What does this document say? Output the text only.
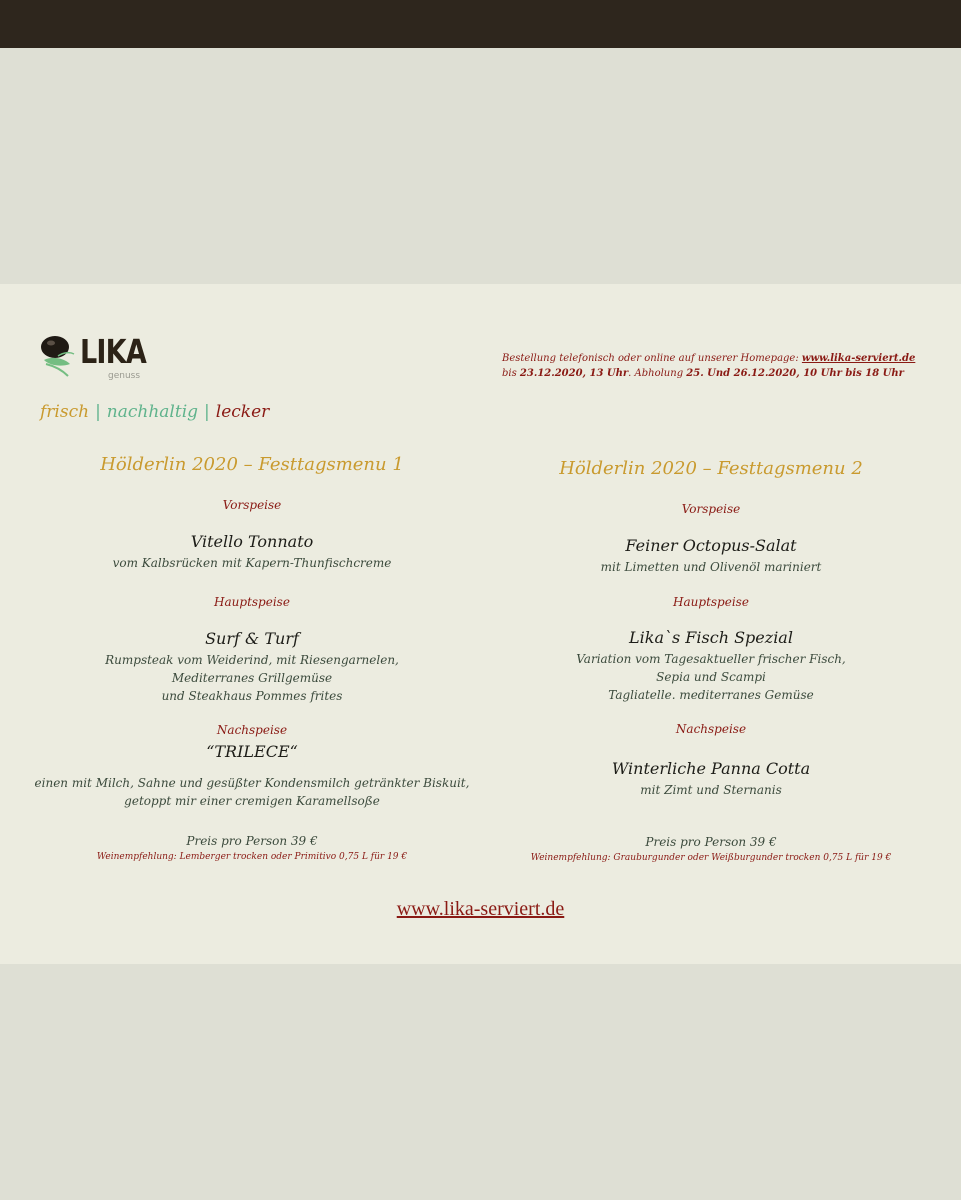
LIKA
genuss
frisch | nachhaltig | lecker
Bestellung telefonisch oder online auf unserer Homepage: www.lika-serviert.de
bis 23.12.2020, 13 Uhr. Abholung 25. Und 26.12.2020, 10 Uhr bis 18 Uhr
Hölderlin 2020 – Festtagsmenu 1
Vorspeise
Vitello Tonnato
vom Kalbsrücken mit Kapern-Thunfischcreme
Hauptspeise
Surf & Turf
Rumpsteak vom Weiderind, mit Riesengarnelen,
Mediterranes Grillgemüse
und Steakhaus Pommes frites
Nachspeise
“TRILECE“
einen mit Milch, Sahne und gesüßter Kondensmilch getränkter Biskuit,
getoppt mir einer cremigen Karamellsoße
Preis pro Person 39 €
Weinempfehlung: Lemberger trocken oder Primitivo 0,75 L für 19 €
Hölderlin 2020 – Festtagsmenu 2
Vorspeise
Feiner Octopus-Salat
mit Limetten und Olivenöl mariniert
Hauptspeise
Lika`s Fisch Spezial
Variation vom Tagesaktueller frischer Fisch,
Sepia und Scampi
Tagliatelle. mediterranes Gemüse
Nachspeise
Winterliche Panna Cotta
mit Zimt und Sternanis
Preis pro Person 39 €
Weinempfehlung: Grauburgunder oder Weißburgunder trocken 0,75 L für 19 €
www.lika-serviert.de
